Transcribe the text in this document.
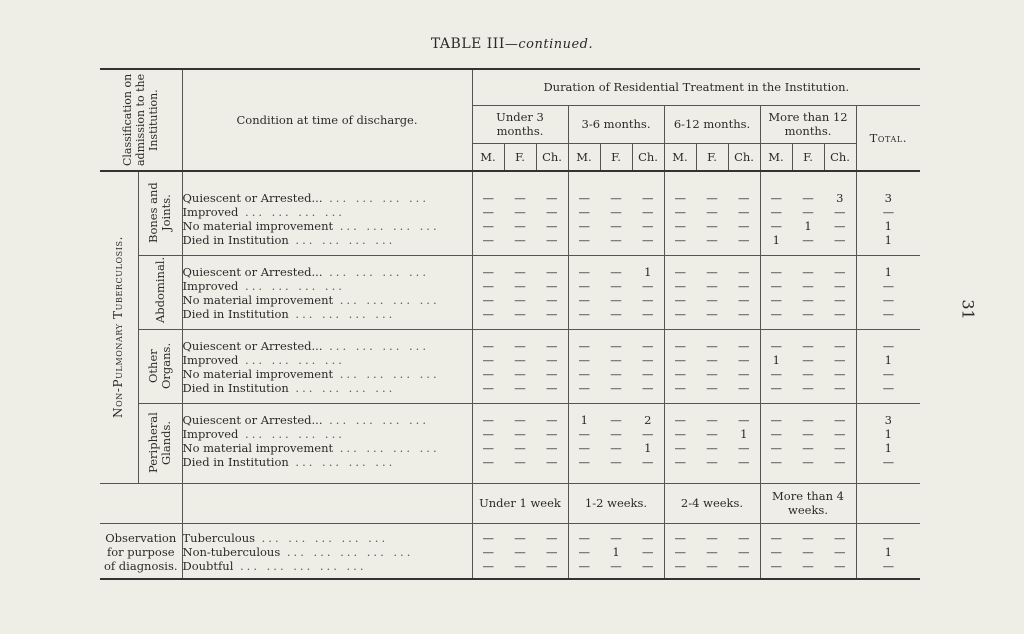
TABLE III—continued.
31
Classification on admission to the Institution.		Condition at time of discharge.	Duration of Residential Treatment in the Institution.												
			Under 3 months.			3-6 months.			6-12 months.			More than 12 months.			Total.
			M.	F.	Ch.	M.	F.	Ch.	M.	F.	Ch.	M.	F.	Ch.	

Non-Pulmonary Tuberculosis.	Bones and Joints.														

		Quiescent or Arrested... ... ... ... ...	—	—	—	—	—	—	—	—	—	—	—	3	3
		Improved ... ... ... ...	—	—	—	—	—	—	—	—	—	—	—	—	—
		No material improvement ... ... ... ...	—	—	—	—	—	—	—	—	—	—	1	—	1
		Died in Institution ... ... ... ...	—	—	—	—	—	—	—	—	—	1	—	—	1

	Abdominal.														

		Quiescent or Arrested... ... ... ... ...	—	—	—	—	—	1	—	—	—	—	—	—	1
		Improved ... ... ... ...	—	—	—	—	—	—	—	—	—	—	—	—	—
		No material improvement ... ... ... ...	—	—	—	—	—	—	—	—	—	—	—	—	—
		Died in Institution ... ... ... ...	—	—	—	—	—	—	—	—	—	—	—	—	—

	Other Organs.														

		Quiescent or Arrested... ... ... ... ...	—	—	—	—	—	—	—	—	—	—	—	—	—
		Improved ... ... ... ...	—	—	—	—	—	—	—	—	—	1	—	—	1
		No material improvement ... ... ... ...	—	—	—	—	—	—	—	—	—	—	—	—	—
		Died in Institution ... ... ... ...	—	—	—	—	—	—	—	—	—	—	—	—	—

	Peripheral Glands.														

		Quiescent or Arrested... ... ... ... ...	—	—	—	1	—	2	—	—	—	—	—	—	3
		Improved ... ... ... ...	—	—	—	—	—	—	—	—	1	—	—	—	1
		No material improvement ... ... ... ...	—	—	—	—	—	1	—	—	—	—	—	—	1
		Died in Institution ... ... ... ...	—	—	—	—	—	—	—	—	—	—	—	—	—

			Under 1 week			1-2 weeks.			2-4 weeks.			More than 4 weeks.			

Observation		Tuberculous ... ... ... ... ...	—	—	—	—	—	—	—	—	—	—	—	—	—
for purpose		Non-tuberculous ... ... ... ... ...	—	—	—	—	1	—	—	—	—	—	—	—	1
of diagnosis.		Doubtful ... ... ... ... ...	—	—	—	—	—	—	—	—	—	—	—	—	—
